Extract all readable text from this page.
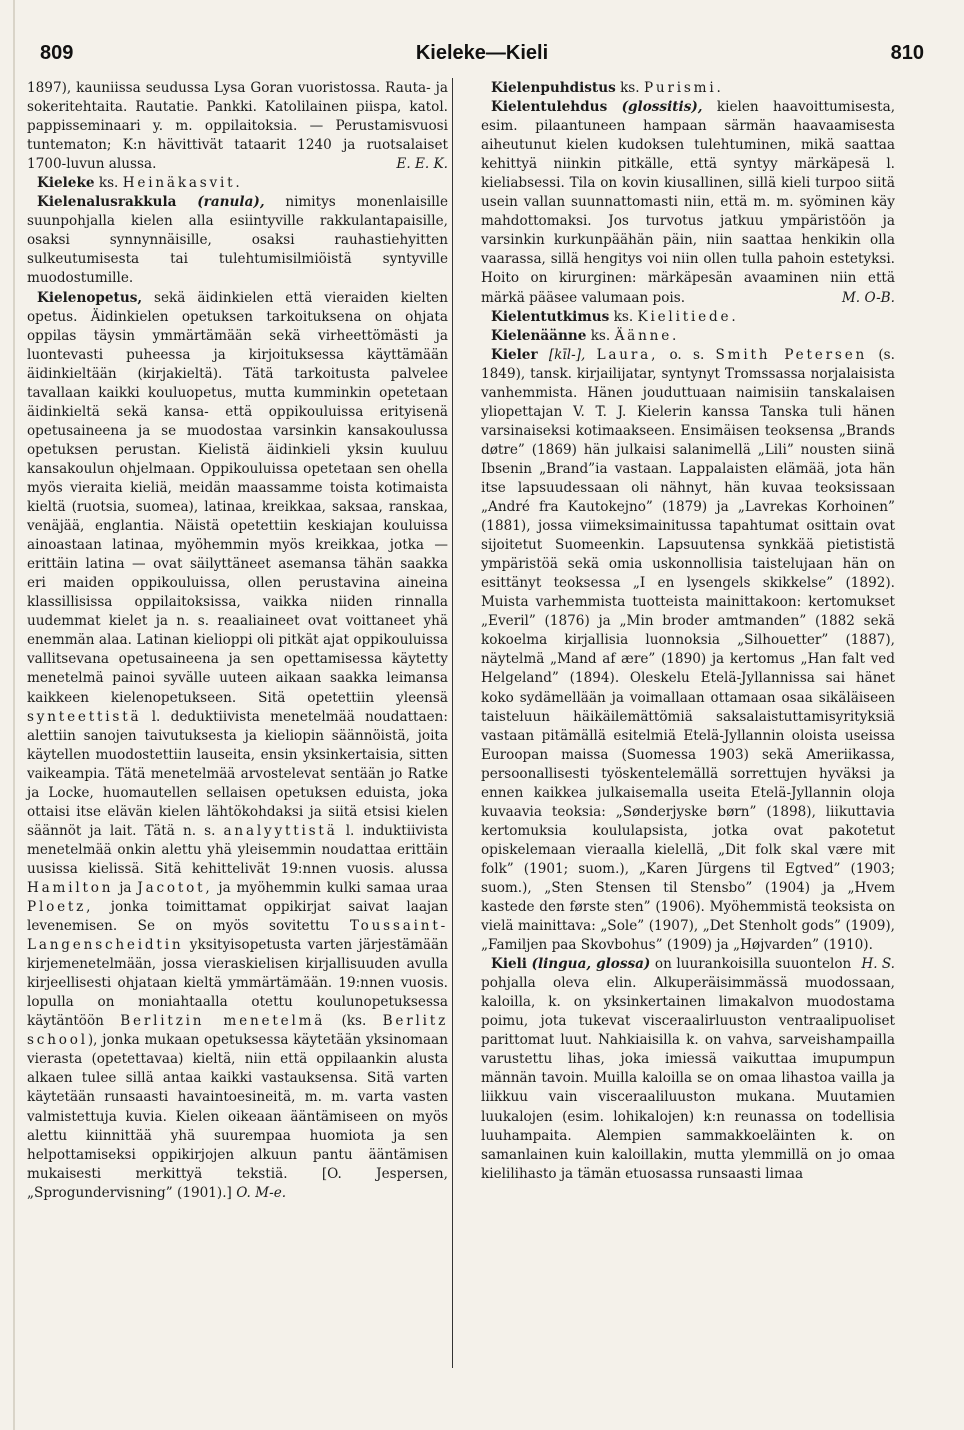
809	Kieleke—Kieli	810

1897), kauniissa seudussa Lysa Goran vuoristossa. Rauta- ja sokeritehtaita. Rautatie. Pankki. Katolilainen piispa, katol. pappisseminaari y. m. oppilaitoksia. — Perustamisvuosi tuntematon; K:n hävittivät tataarit 1240 ja ruotsalaiset 1700-luvun alussa.	E. E. K.

Kieleke ks. Heinäkasvit.

Kielenalusrakkula (ranula), nimitys monenlaisille suunpohjalla kielen alla esiintyville rakkulantapaisille, osaksi synnynnäisille, osaksi rauhastiehyitten sulkeutumisesta tai tulehtumisilmiöistä syntyville muodostumille.

Kielenopetus, sekä äidinkielen että vieraiden kielten opetus. Äidinkielen opetuksen tarkoituksena on ohjata oppilas täysin ymmärtämään sekä virheettömästi ja luontevasti puheessa ja kirjoituksessa käyttämään äidinkieltään (kirjakieltä). Tätä tarkoitusta palvelee tavallaan kaikki kouluopetus, mutta kumminkin opetetaan äidinkieltä sekä kansa- että oppikouluissa erityisenä opetusaineena ja se muodostaa varsinkin kansakoulussa opetuksen perustan. Kielistä äidinkieli yksin kuuluu kansakoulun ohjelmaan. Oppikouluissa opetetaan sen ohella myös vieraita kieliä, meidän maassamme toista kotimaista kieltä (ruotsia, suomea), latinaa, kreikkaa, saksaa, ranskaa, venäjää, englantia. Näistä opetettiin keskiajan kouluissa ainoastaan latinaa, myöhemmin myös kreikkaa, jotka — erittäin latina — ovat säilyttäneet asemansa tähän saakka eri maiden oppikouluissa, ollen perustavina aineina klassillisissa oppilaitoksissa, vaikka niiden rinnalla uudemmat kielet ja n. s. reaaliaineet ovat voittaneet yhä enemmän alaa. Latinan kielioppi oli pitkät ajat oppikouluissa vallitsevana opetusaineena ja sen opettamisessa käytetty menetelmä painoi syvälle uuteen aikaan saakka leimansa kaikkeen kielenopetukseen. Sitä opetettiin yleensä synteettistä l. deduktiivista menetelmää noudattaen: alettiin sanojen taivutuksesta ja kieliopin säännöistä, joita käytellen muodostettiin lauseita, ensin yksinkertaisia, sitten vaikeampia. Tätä menetelmää arvostelevat sentään jo Ratke ja Locke, huomautellen sellaisen opetuksen eduista, joka ottaisi itse elävän kielen lähtökohdaksi ja siitä etsisi kielen säännöt ja lait. Tätä n. s. analyyttistä l. induktiivista menetelmää onkin alettu yhä yleisemmin noudattaa erittäin uusissa kielissä. Sitä kehittelivät 19:nnen vuosis. alussa Hamilton ja Jacotot, ja myöhemmin kulki samaa uraa Ploetz, jonka toimittamat oppikirjat saivat laajan levenemisen. Se on myös sovitettu Toussaint-Langenscheidtin yksityisopetusta varten järjestämään kirjemenetelmään, jossa vieraskielisen kirjallisuuden avulla kirjeellisesti ohjataan kieltä ymmärtämään. 19:nnen vuosis. lopulla on moniahtaalla otettu koulunopetuksessa käytäntöön Berlitzin menetelmä (ks. Berlitz school), jonka mukaan opetuksessa käytetään yksinomaan vierasta (opetettavaa) kieltä, niin että oppilaankin alusta alkaen tulee sillä antaa kaikki vastauksensa. Sitä varten käytetään runsaasti havaintoesineitä, m. m. varta vasten valmistettuja kuvia. Kielen oikeaan ääntämiseen on myös alettu kiinnittää yhä suurempaa huomiota ja sen helpottamiseksi oppikirjojen alkuun pantu ääntämisen mukaisesti merkittyä tekstiä. [O. Jespersen, „Sprogundervisning” (1901).] O. M-e.

Kielenpuhdistus ks. Purismi.

Kielentulehdus (glossitis), kielen haavoittumisesta, esim. pilaantuneen hampaan särmän haavaamisesta aiheutunut kielen kudoksen tulehtuminen, mikä saattaa kehittyä niinkin pitkälle, että syntyy märkäpesä l. kieliabsessi. Tila on kovin kiusallinen, sillä kieli turpoo siitä usein vallan suunnattomasti niin, että m. m. syöminen käy mahdottomaksi. Jos turvotus jatkuu ympäristöön ja varsinkin kurkunpäähän päin, niin saattaa henkikin olla vaarassa, sillä hengitys voi niin ollen tulla pahoin estetyksi. Hoito on kirurginen: märkäpesän avaaminen niin että märkä pääsee valumaan pois.	M. O-B.

Kielentutkimus ks. Kielitiede.

Kielenäänne ks. Äänne.

Kieler [kīl-], Laura, o. s. Smith Petersen (s. 1849), tansk. kirjailijatar, syntynyt Tromssassa norjalaisista vanhemmista. Hänen jouduttuaan naimisiin tanskalaisen yliopettajan V. T. J. Kielerin kanssa Tanska tuli hänen varsinaiseksi kotimaakseen. Ensimäisen teoksensa „Brands døtre” (1869) hän julkaisi salanimellä „Lili” nousten siinä Ibsenin „Brand”ia vastaan. Lappalaisten elämää, jota hän itse lapsuudessaan oli nähnyt, hän kuvaa teoksissaan „André fra Kautokejno” (1879) ja „Lavrekas Korhoinen” (1881), jossa viimeksimainitussa tapahtumat osittain ovat sijoitetut Suomeenkin. Lapsuutensa synkkää pietististä ympäristöä sekä omia uskonnollisia taistelujaan hän on esittänyt teoksessa „I en lysengels skikkelse” (1892). Muista varhemmista tuotteista mainittakoon: kertomukset „Everil” (1876) ja „Min broder amtmanden” (1882 sekä kokoelma kirjallisia luonnoksia „Silhouetter” (1887), näytelmä „Mand af ære” (1890) ja kertomus „Han falt ved Helgeland” (1894). Oleskelu Etelä-Jyllannissa sai hänet koko sydämellään ja voimallaan ottamaan osaa sikäläiseen taisteluun häikäilemättömiä saksalaistuttamisyrityksiä vastaan pitämällä esitelmiä Etelä-Jyllannin oloista useissa Euroopan maissa (Suomessa 1903) sekä Ameriikassa, persoonallisesti työskentelemällä sorrettujen hyväksi ja ennen kaikkea julkaisemalla useita Etelä-Jyllannin oloja kuvaavia teoksia: „Sønderjyske børn” (1898), liikuttavia kertomuksia koululapsista, jotka ovat pakotetut opiskelemaan vieraalla kielellä, „Dit folk skal være mit folk” (1901; suom.), „Karen Jürgens til Egtved” (1903; suom.), „Sten Stensen til Stensbo” (1904) ja „Hvem kastede den første sten” (1906). Myöhemmistä teoksista on vielä mainittava: „Sole” (1907), „Det Stenholt gods” (1909), „Familjen paa Skovbohus” (1909) ja „Højvarden” (1910).
H. S.

Kieli (lingua, glossa) on luurankoisilla suuontelon pohjalla oleva elin. Alkuperäisimmässä muodossaan, kaloilla, k. on yksinkertainen limakalvon muodostama poimu, jota tukevat visceraalirluuston ventraalipuoliset parittomat luut. Nahkiaisilla k. on vahva, sarveishampailla varustettu lihas, joka imiessä vaikuttaa imupumpun männän tavoin. Muilla kaloilla se on omaa lihastoa vailla ja liikkuu vain visceraaliluuston mukana. Muutamien luukalojen (esim. lohikalojen) k:n reunassa on todellisia luuhampaita. Alempien sammakkoeläinten k. on samanlainen kuin kaloillakin, mutta ylemmillä on jo omaa kielilihasto ja tämän etuosassa runsaasti limaa
